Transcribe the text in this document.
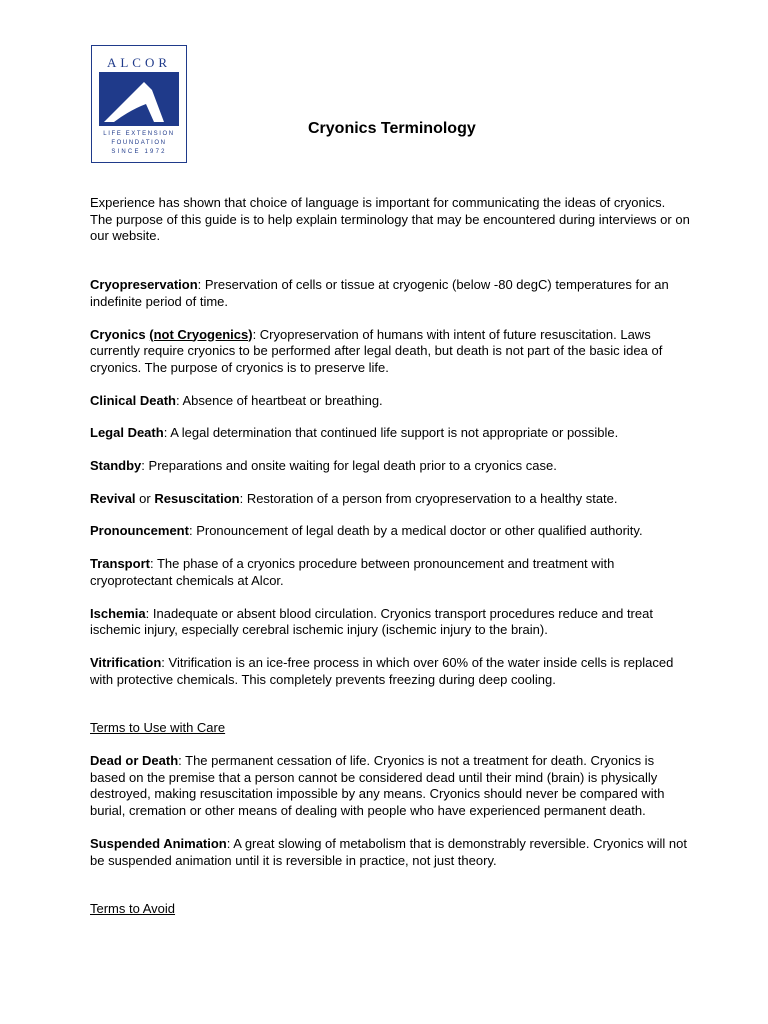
ALCOR
LIFE EXTENSION
FOUNDATION
SINCE 1972
Cryonics Terminology

Experience has shown that choice of language is important for communicating the ideas of cryonics. The purpose of this guide is to help explain terminology that may be encountered during interviews or on our website.

Cryopreservation: Preservation of cells or tissue at cryogenic (below -80 degC) temperatures for an indefinite period of time.

Cryonics (not Cryogenics): Cryopreservation of humans with intent of future resuscitation. Laws currently require cryonics to be performed after legal death, but death is not part of the basic idea of cryonics. The purpose of cryonics is to preserve life.

Clinical Death: Absence of heartbeat or breathing.

Legal Death: A legal determination that continued life support is not appropriate or possible.

Standby: Preparations and onsite waiting for legal death prior to a cryonics case.

Revival or Resuscitation: Restoration of a person from cryopreservation to a healthy state.

Pronouncement: Pronouncement of legal death by a medical doctor or other qualified authority.

Transport: The phase of a cryonics procedure between pronouncement and treatment with cryoprotectant chemicals at Alcor.

Ischemia: Inadequate or absent blood circulation. Cryonics transport procedures reduce and treat ischemic injury, especially cerebral ischemic injury (ischemic injury to the brain).

Vitrification: Vitrification is an ice-free process in which over 60% of the water inside cells is replaced with protective chemicals. This completely prevents freezing during deep cooling.

Terms to Use with Care

Dead or Death: The permanent cessation of life. Cryonics is not a treatment for death. Cryonics is based on the premise that a person cannot be considered dead until their mind (brain) is physically destroyed, making resuscitation impossible by any means. Cryonics should never be compared with burial, cremation or other means of dealing with people who have experienced permanent death.

Suspended Animation: A great slowing of metabolism that is demonstrably reversible. Cryonics will not be suspended animation until it is reversible in practice, not just theory.

Terms to Avoid
